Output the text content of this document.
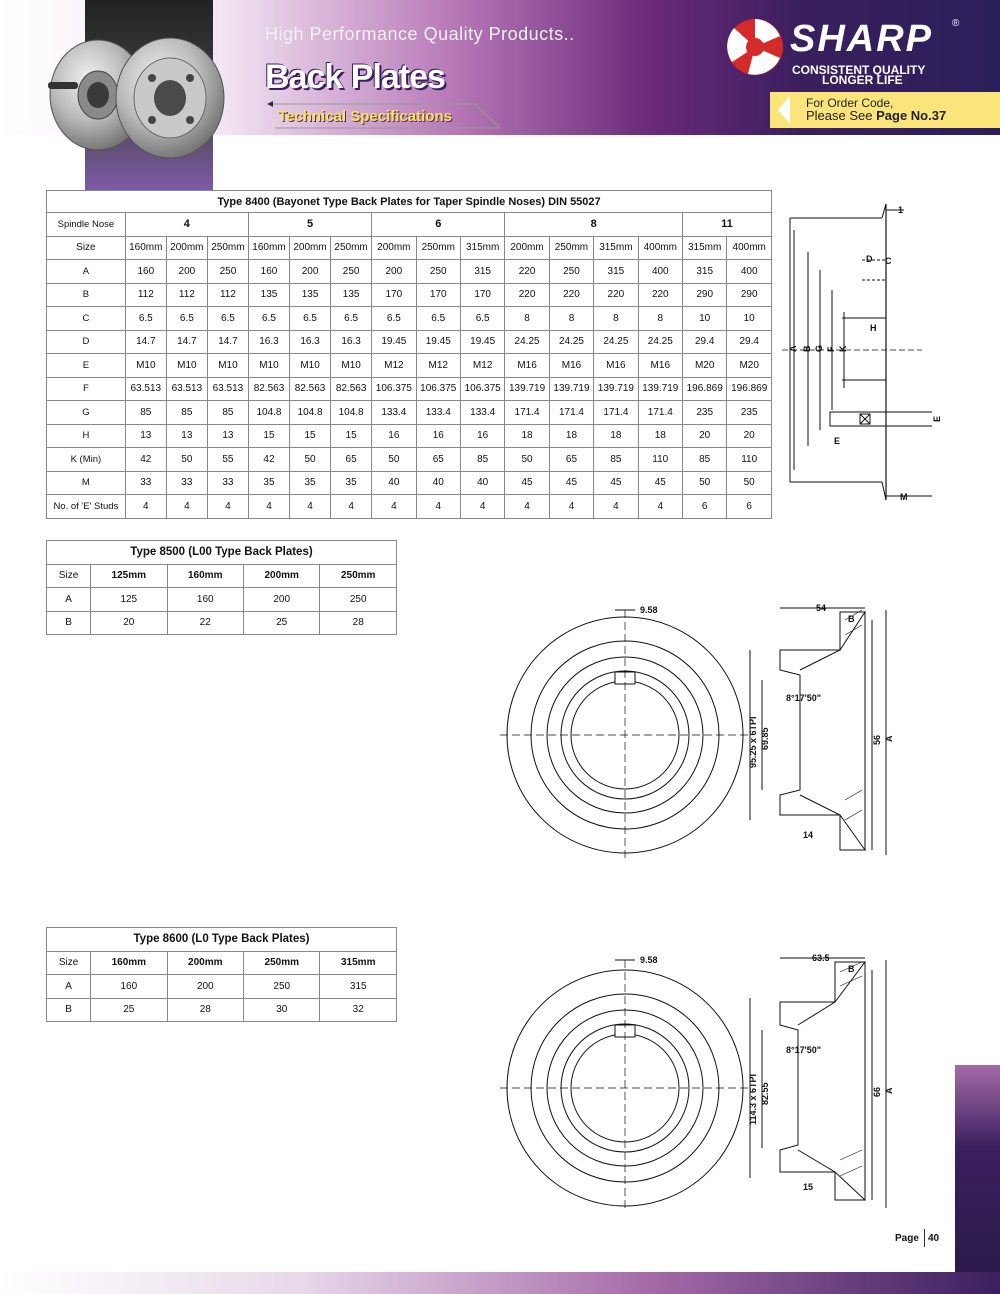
High Performance Quality Products..
Back Plates
Technical Specifications
SHARP ®
CONSISTENT QUALITY
LONGER LIFE
For Order Code,
Please See Page No.37
Type 8400 (Bayonet Type Back Plates for Taper Spindle Noses) DIN 55027															
Spindle Nose	4			5			6			8				11	
Size	160mm	200mm	250mm	160mm	200mm	250mm	200mm	250mm	315mm	200mm	250mm	315mm	400mm	315mm	400mm
A	160	200	250	160	200	250	200	250	315	220	250	315	400	315	400
B	112	112	112	135	135	135	170	170	170	220	220	220	220	290	290
C	6.5	6.5	6.5	6.5	6.5	6.5	6.5	6.5	6.5	8	8	8	8	10	10
D	14.7	14.7	14.7	16.3	16.3	16.3	19.45	19.45	19.45	24.25	24.25	24.25	24.25	29.4	29.4
E	M10	M10	M10	M10	M10	M10	M12	M12	M12	M16	M16	M16	M16	M20	M20
F	63.513	63.513	63.513	82.563	82.563	82.563	106.375	106.375	106.375	139.719	139.719	139.719	139.719	196.869	196.869
G	85	85	85	104.8	104.8	104.8	133.4	133.4	133.4	171.4	171.4	171.4	171.4	235	235
H	13	13	13	15	15	15	16	16	16	18	18	18	18	20	20
K (Min)	42	50	55	42	50	65	50	65	85	50	65	85	110	85	110
M	33	33	33	35	35	35	40	40	40	45	45	45	45	50	50
No. of 'E' Studs	4	4	4	4	4	4	4	4	4	4	4	4	4	6	6
1
D C
H
A B G F K
E
E
M
Type 8500 (L00 Type Back Plates)				
Size	125mm	160mm	200mm	250mm
A	125	160	200	250
B	20	22	25	28
9.58	54
B
8°17'50"
95.25 x 6TPI 69.85	56 A
14
Type 8600 (L0 Type Back Plates)				
Size	160mm	200mm	250mm	315mm
A	160	200	250	315
B	25	28	30	32
9.58	63.5
B
8°17'50"
114.3 x 6TPI 82.55	66 A
15
Page 40
